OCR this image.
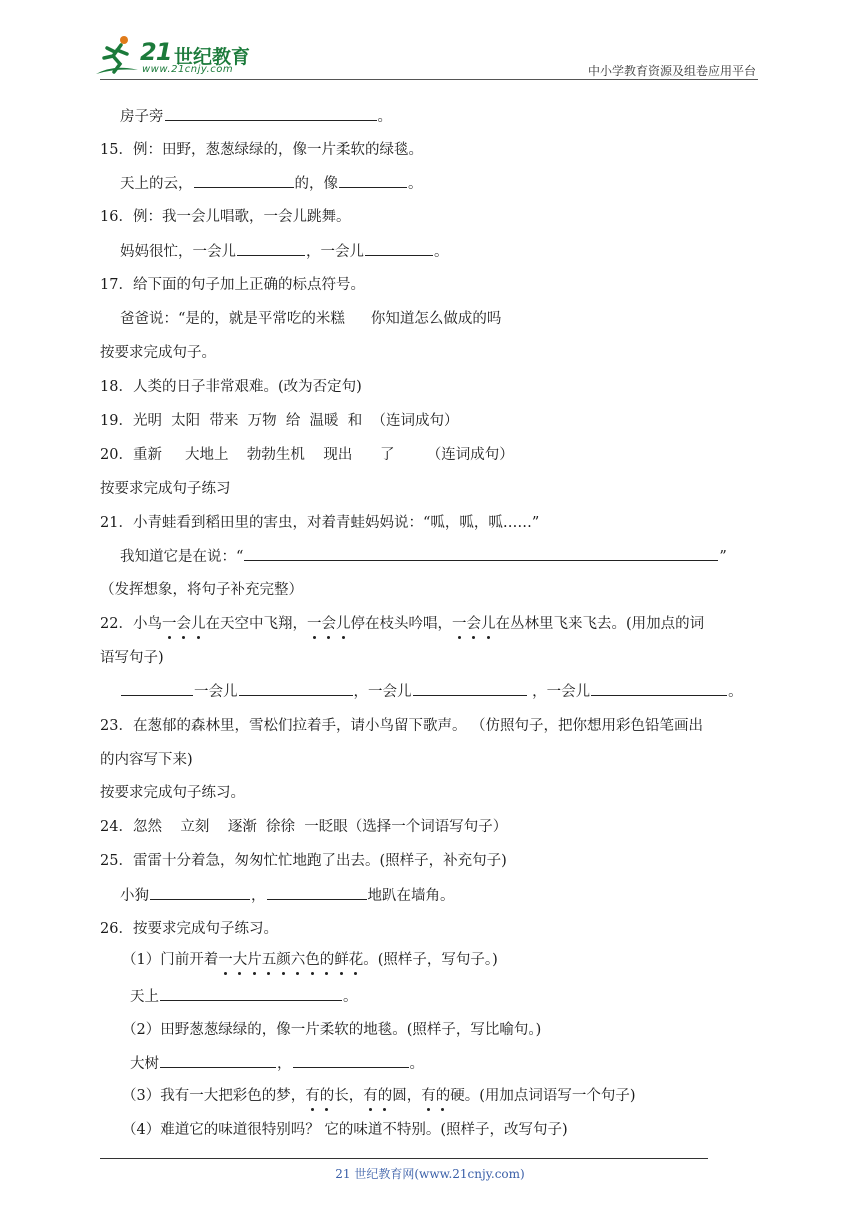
21 世纪教育
www.21cnjy.com	中小学教育资源及组卷应用平台
房子旁	。
15．例：田野，葱葱绿绿的，像一片柔软的绿毯。
天上的云，	的，像	。
16．例：我一会儿唱歌，一会儿跳舞。
妈妈很忙，一会儿	，一会儿	。
17．给下面的句子加上正确的标点符号。
爸爸说：“是的，就是平常吃的米糕 你知道怎么做成的吗
按要求完成句子。
18．人类的日子非常艰难。(改为否定句)
19．光明  太阳  带来  万物  给  温暖  和  （连词成句）
20．重新     大地上    勃勃生机    现出      了       （连词成句）
按要求完成句子练习
21．小青蛙看到稻田里的害虫，对着青蛙妈妈说：“呱，呱，呱……”
我知道它是在说：“	”
（发挥想象，将句子补充完整）
22．小鸟一会儿在天空中飞翔，一会儿停在枝头吟唱，一会儿在丛林里飞来飞去。(用加点的词
语写句子)
一会儿	，一会儿	，一会儿	。
23．在葱郁的森林里，雪松们拉着手，请小鸟留下歌声。 （仿照句子，把你想用彩色铅笔画出
的内容写下来)
按要求完成句子练习。
24．忽然    立刻    逐渐  徐徐  一眨眼（选择一个词语写句子）
25．雷雷十分着急，匆匆忙忙地跑了出去。(照样子，补充句子)
小狗	，	地趴在墙角。
26．按要求完成句子练习。
（1）门前开着一大片五颜六色的鲜花。(照样子，写句子。)
天上	。
（2）田野葱葱绿绿的，像一片柔软的地毯。(照样子，写比喻句。)
大树	，	。
（3）我有一大把彩色的梦，有的长，有的圆，有的硬。(用加点词语写一个句子)
（4）难道它的味道很特别吗？ 它的味道不特别。(照样子，改写句子)
21 世纪教育网(www.21cnjy.com)
